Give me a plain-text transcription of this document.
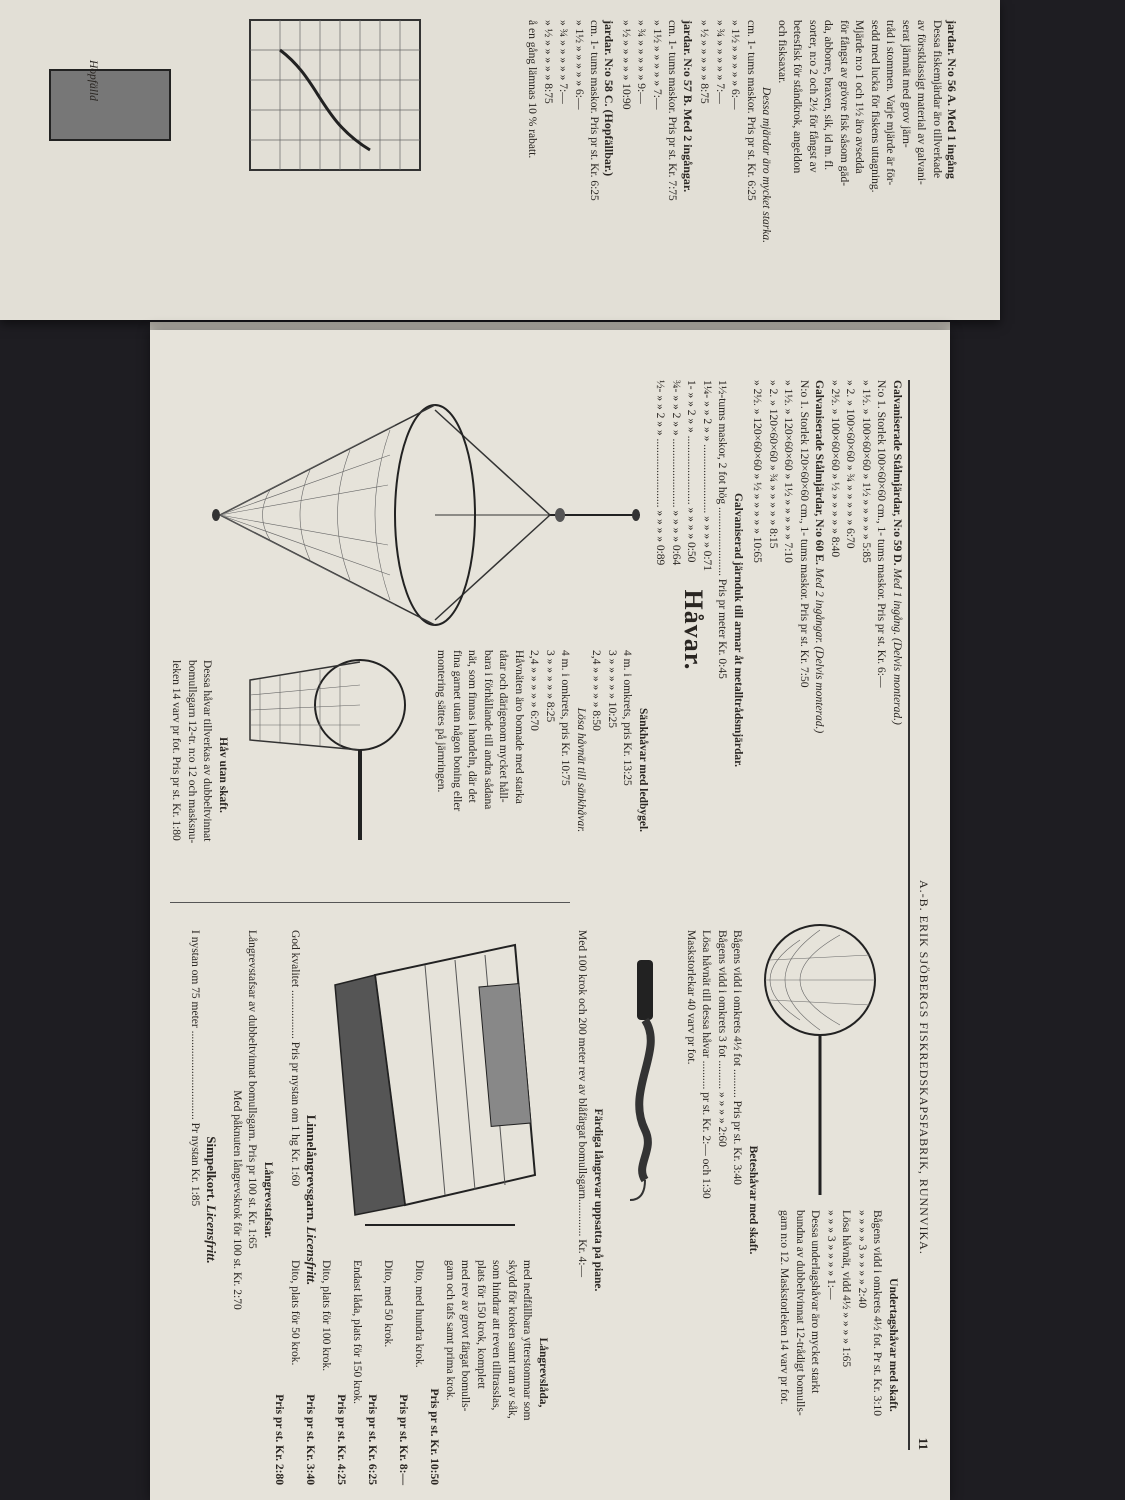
jardar. N:o 56 A. Med 1 ingång

Dessa fiskemjärdar äro tillverkade
av förstklassigt material av galvani-
serat järnnät med grov järn-
tråd i stommen. Varje mjärde är för-
sedd med lucka för fiskens uttagning.
Mjärde n:o 1 och 1½ äro avsedda
för fångst av grövre fisk såsom gäd-
da, abborre, braxen, sik, id m. fl.
sorter, n:o 2 och 2½ för fångst av
betesfisk för ståndkrok, angeldon
och fisksaxar.

Dessa mjärdar äro mycket starka.

cm. 1- tums maskor. Pris pr st. Kr. 6:25
» 1½ » » » » » 6:—
» ¾ » » » » » 7:—
» ½ » » » » » 8:75

jardar. N:o 57 B. Med 2 ingångar.

cm. 1- tums maskor. Pris pr st. Kr. 7:75
» 1½ » » » » » 7:—
» ¾ » » » » » 9:—
» ½ » » » » » 10:90

jardar. N:o 58 C. (Hopfällbar.)

cm. 1- tums maskor. Pris pr st. Kr. 6:25
» 1½ » » » » » 6:—
» ¾ » » » » » 7:—
» ½ » » » » » 8:75

å en gång lämnas 10 % rabatt.

Hopfälld

A.-B. ERIK SJÖBERGS FISKREDSKAPSFABRIK, RUNNVIKA.
11

Galvaniserade Stålmjärdar, N:o 59 D. Med 1 ingång. (Delvis monterad.)

N:o 1. Storlek 100×60×60 cm., 1- tums maskor. Pris pr st. Kr. 6:—
» 1½. » 100×60×60 » 1½ » » » » » 5:85
» 2. » 100×60×60 » ¾ » » » » » 6:70
» 2½. » 100×60×60 » ½ » » » » » 8:40

Galvaniserade Stålmjärdar, N:o 60 E. Med 2 ingångar. (Delvis monterad.)

N:o 1. Storlek 120×60×60 cm., 1- tums maskor. Pris pr st. Kr. 7:50
» 1½. » 120×60×60 » 1½ » » » » » 7:10
» 2. » 120×60×60 » ¾ » » » » » 8:15
» 2½. » 120×60×60 » ½ » » » » » 10:65

Galvaniserad järnduk till armar åt metalltrådsmjärdar.

1½-tums maskor, 2 fot hög ........................ Pris pr meter Kr. 0:45
1¼- » » 2 » » ........................ » » » » 0:71
1- » » 2 » » ........................ » » » » 0:50
¾- » » 2 » » ........................ » » » » 0:64
½- » » 2 » » ........................ » » » » 0:89

Håvar.

Sänkhåvar med ledbygel.

4 m. i omkrets, pris Kr. 13:25
3 » » » » » 10:25
2,4 » » » » » 8:50

Lösa håvnät till sänkhåvar.

4 m. i omkrets, pris Kr. 10:75
3 » » » » » 8:25
2,4 » » » » » 6:70
Håvnäten äro bomade med starka
tåtar och därigenom mycket håll-
bara i förhållande till andra sådana
nät, som finnas i handeln, där det
fina garnet utan någon boning eller
montering sättes på järnringen.

Håv utan skaft.

Dessa håvar tillverkas av dubbeltvinnat
bomullsgarn 12-tr. n:o 12 och masksnu-
leken 14 varv pr fot. Pris pr st. Kr. 1:80

Undertagshåvar med skaft.

Bågens vidd i omkrets 4½ fot. Pr st. Kr. 3:10
» » » » 3 » » » » 2:40
Lösa håvnät, vidd 4½ » » » » 1:65
» » » 3 » » » » 1:—
Dessa underlagshåvar äro mycket starkt
bundna av dubbeltvinnat 12-trådigt bomulls-
garn n:o 12. Maskstorleken 14 varv pr fot.

Beteshåvar med skaft.

Bågens vidd i omkrets 4½ fot .......... Pris pr st. Kr. 3:40
Bågens vidd i omkrets 3 fot .......... » » » » 2:60
Lösa håvnät till dessa håvar .......... pr st. Kr. 2:— och 1:30
Maskstorlekar 40 varv pr fot.

Färdiga långrevar uppsatta på piane.

Med 100 krok och 200 meter rev av blåfärgat bomullsgarn............. Kr. 4:—

Långrevslåda,

med nedfällbara ytterstommar som
skydd för kroken samt ram av såk,
som hindrar att reven tilltrasslas,
plats för 150 krok, komplett
med rev av grovt färgat bomulls-
garn och tafs samt prima krok.
Pris pr st. Kr. 10:50
Dito, med hundra krok.
Pris pr st. Kr. 8:—
Dito, med 50 krok.
Pris pr st. Kr. 6:25
Endast låda, plats för 150 krok.
Pris pr st. Kr. 4:25
Dito, plats för 100 krok.
Pris pr st. Kr. 3:40
Dito, plats för 50 krok.
Pris pr st. Kr. 2:80

Linnelångrevsgarn. Licensfritt.

God kvalitet ................. Pris pr nystan om 1 hg Kr. 1:60

Långrevstafsar.

Långrevstafsar av dubbeltvinnat bomullsgarn. Pris pr 100 st. Kr. 1:65
Med påknuten långrevskrok för 100 st. Kr. 2:70

Simpelkort. Licensfritt.

I nystan om 75 meter ............................... Pr nystan Kr. 1:85
